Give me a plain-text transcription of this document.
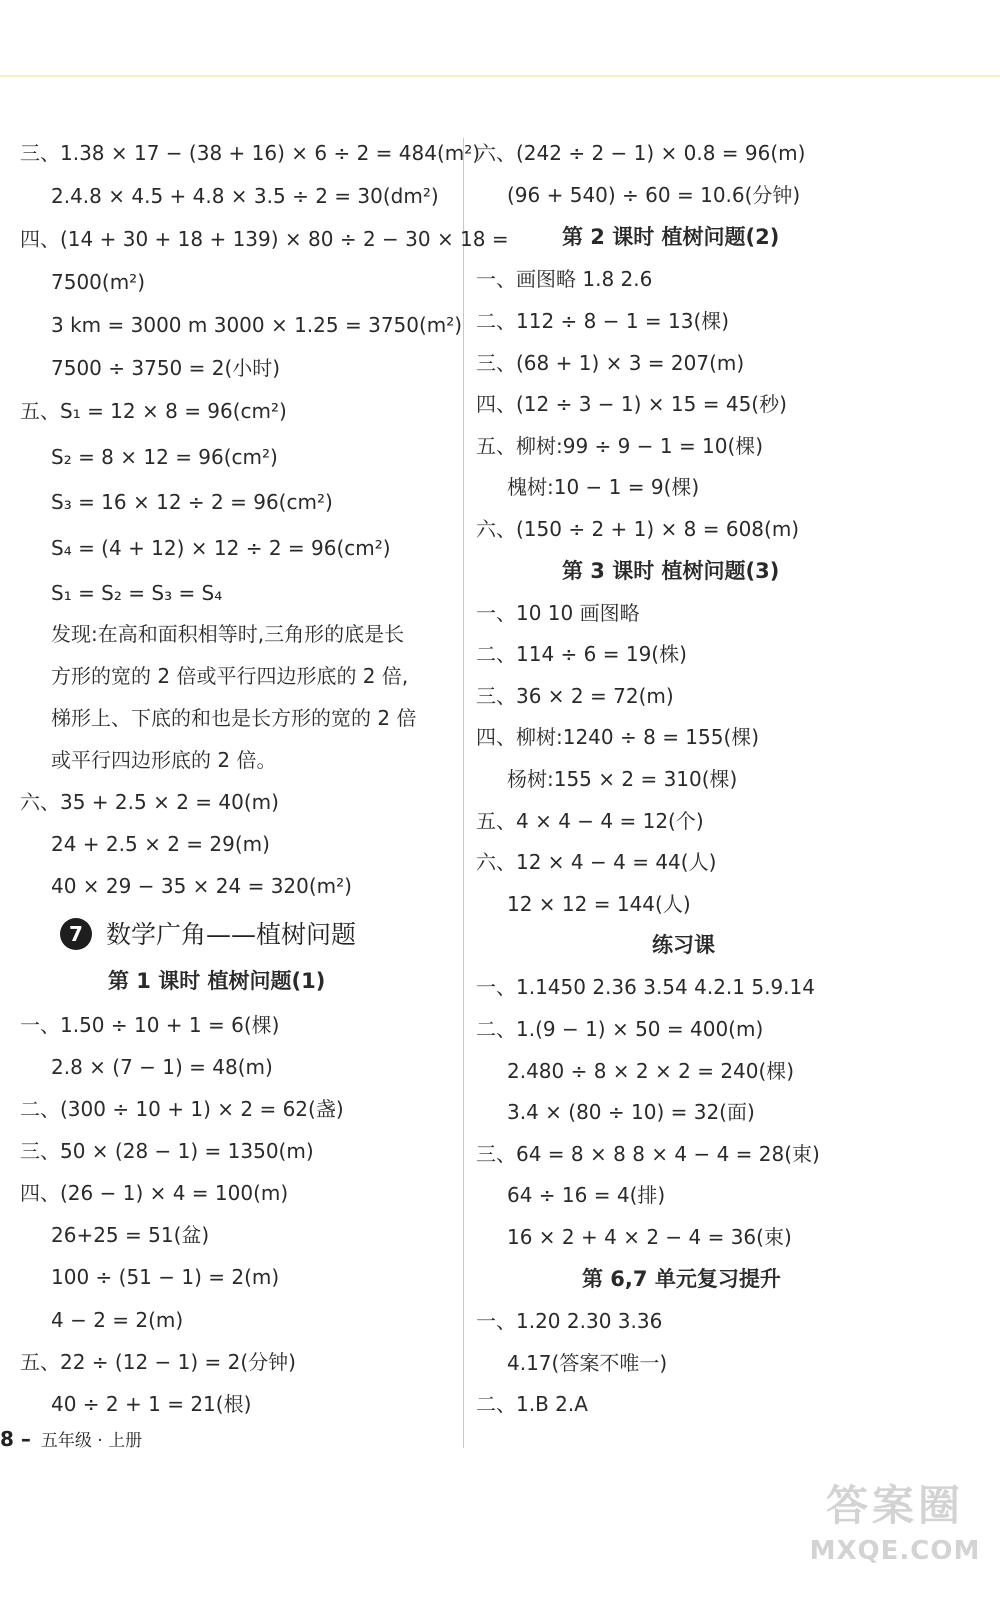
三、1.38 × 17 − (38 + 16) × 6 ÷ 2 = 484(m²)
2.4.8 × 4.5 + 4.8 × 3.5 ÷ 2 = 30(dm²)
四、(14 + 30 + 18 + 139) × 80 ÷ 2 − 30 × 18 =
7500(m²)
3 km = 3000 m 3000 × 1.25 = 3750(m²)
7500 ÷ 3750 = 2(小时)
五、S₁ = 12 × 8 = 96(cm²)
S₂ = 8 × 12 = 96(cm²)
S₃ = 16 × 12 ÷ 2 = 96(cm²)
S₄ = (4 + 12) × 12 ÷ 2 = 96(cm²)
S₁ = S₂ = S₃ = S₄
发现:在高和面积相等时,三角形的底是长
方形的宽的 2 倍或平行四边形底的 2 倍,
梯形上、下底的和也是长方形的宽的 2 倍
或平行四边形底的 2 倍。
六、35 + 2.5 × 2 = 40(m)
24 + 2.5 × 2 = 29(m)
40 × 29 − 35 × 24 = 320(m²)
7 数学广角——植树问题
第 1 课时 植树问题(1)
一、1.50 ÷ 10 + 1 = 6(棵)
2.8 × (7 − 1) = 48(m)
二、(300 ÷ 10 + 1) × 2 = 62(盏)
三、50 × (28 − 1) = 1350(m)
四、(26 − 1) × 4 = 100(m)
26+25 = 51(盆)
100 ÷ (51 − 1) = 2(m)
4 − 2 = 2(m)
五、22 ÷ (12 − 1) = 2(分钟)
40 ÷ 2 + 1 = 21(根)
六、(242 ÷ 2 − 1) × 0.8 = 96(m)
(96 + 540) ÷ 60 = 10.6(分钟)
第 2 课时 植树问题(2)
一、画图略 1.8 2.6
二、112 ÷ 8 − 1 = 13(棵)
三、(68 + 1) × 3 = 207(m)
四、(12 ÷ 3 − 1) × 15 = 45(秒)
五、柳树:99 ÷ 9 − 1 = 10(棵)
槐树:10 − 1 = 9(棵)
六、(150 ÷ 2 + 1) × 8 = 608(m)
第 3 课时 植树问题(3)
一、10 10 画图略
二、114 ÷ 6 = 19(株)
三、36 × 2 = 72(m)
四、柳树:1240 ÷ 8 = 155(棵)
杨树:155 × 2 = 310(棵)
五、4 × 4 − 4 = 12(个)
六、12 × 4 − 4 = 44(人)
12 × 12 = 144(人)
练习课
一、1.1450 2.36 3.54 4.2.1 5.9.14
二、1.(9 − 1) × 50 = 400(m)
2.480 ÷ 8 × 2 × 2 = 240(棵)
3.4 × (80 ÷ 10) = 32(面)
三、64 = 8 × 8 8 × 4 − 4 = 28(束)
64 ÷ 16 = 4(排)
16 × 2 + 4 × 2 − 4 = 36(束)
第 6,7 单元复习提升
一、1.20 2.30 3.36
4.17(答案不唯一)
二、1.B 2.A
8 – 五年级 · 上册
答案圈
MXQE.COM
